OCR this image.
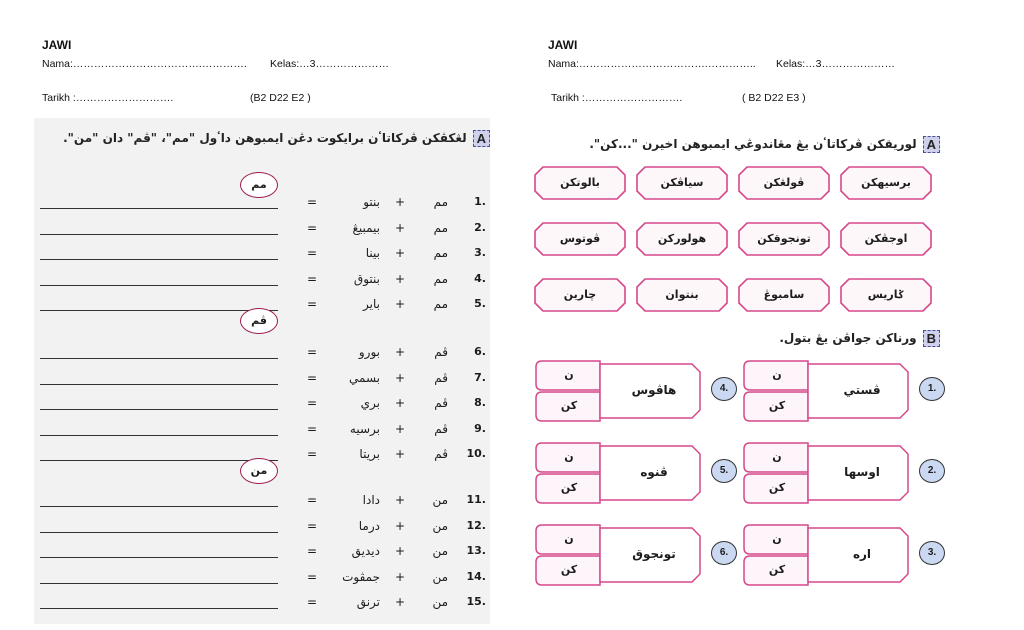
JAWI
Nama:……………………………….…………. Kelas:…3…………………
Tarikh :……………………….	(B2 D22 E2 )
JAWI
Nama:……………………………….………….. Kelas:…3…………………
Tarikh :……………………….	( B2 D22 E3 )
Aلڠكڤكن ڤركاتاٴن برايكوت دڠن ايمبوهن داٴول "مم"، "ڤم" دان "من".
مم
=	بنتو +	مم	1.
=	بيمبيڠ +	مم	2.
=	بينا +	مم	3.
=	بنتوق +	مم	4.
=	باير +	مم	5.
ڤم
=	بورو +	ڤم	6.
=	بسمي +	ڤم	7.
=	بري +	ڤم	8.
=	برسيه +	ڤم	9.
=	بريتا +	ڤم	10.
من
=	دادا +	من	11.
=	درما +	من	12.
=	ديديق +	من	13.
=	جمڤوت +	من	14.
=	ترنق +	من	15.
Aلوريقكن ڤركاتاٴن يڠ مڠاندوڠي ايمبوهن اخيرن "...كن".
برسيهكن
ڤولڠكن
سياڤكن
بالوتكن
اوجڤكن
تونجوقكن
هولوركن
ڤوتوس
ݢاريس
سامبوڠ
بنتوان
چارين
Bورناكن جواڤن يڠ بتول.
ن
كن
ڤستي	1.
ن
كن
هاڤوس	4.
ن
كن
اوسها	2.
ن
كن
ڤنوه	5.
ن
كن
اره	3.
ن
كن
تونجوق	6.
